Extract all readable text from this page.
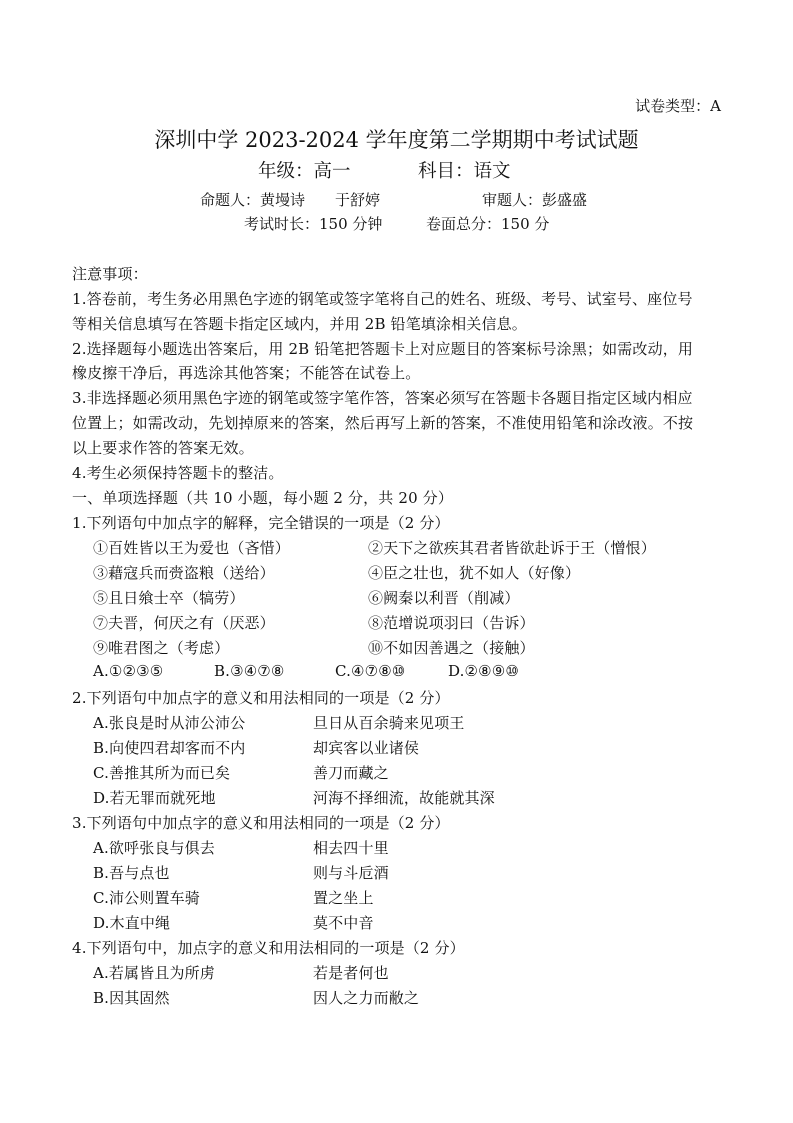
试卷类型：A
深圳中学 2023-2024 学年度第二学期期中考试试题
年级：高一	科目：语文
命题人：黄墁诗　　于舒婷	审题人：彭盛盛
考试时长：150 分钟	卷面总分：150 分
注意事项：
1.答卷前，考生务必用黑色字迹的钢笔或签字笔将自己的姓名、班级、考号、试室号、座位号
等相关信息填写在答题卡指定区域内，并用 2B 铅笔填涂相关信息。
2.选择题每小题选出答案后，用 2B 铅笔把答题卡上对应题目的答案标号涂黑；如需改动，用
橡皮擦干净后，再选涂其他答案；不能答在试卷上。
3.非选择题必须用黑色字迹的钢笔或签字笔作答，答案必须写在答题卡各题目指定区域内相应
位置上；如需改动，先划掉原来的答案，然后再写上新的答案，不准使用铅笔和涂改液。不按
以上要求作答的答案无效。
4.考生必须保持答题卡的整洁。
一、单项选择题（共 10 小题，每小题 2 分，共 20 分）
1.下列语句中加点字的解释，完全错误的一项是（2 分）
①百姓皆以王为爱也（吝惜）	②天下之欲疾其君者皆欲赴诉于王（憎恨）
③藉寇兵而赍盗粮（送给）	④臣之壮也，犹不如人（好像）
⑤且日飨士卒（犒劳）	⑥阙秦以利晋（削减）
⑦夫晋，何厌之有（厌恶）	⑧范增说项羽曰（告诉）
⑨唯君图之（考虑）	⑩不如因善遇之（接触）
A.①②③⑤	B.③④⑦⑧	C.④⑦⑧⑩	D.②⑧⑨⑩
2.下列语句中加点字的意义和用法相同的一项是（2 分）
A.张良是时从沛公沛公	旦日从百余骑来见项王
B.向使四君却客而不内	却宾客以业诸侯
C.善推其所为而已矣	善刀而藏之
D.若无罪而就死地	河海不择细流，故能就其深
3.下列语句中加点字的意义和用法相同的一项是（2 分）
A.欲呼张良与俱去	相去四十里
B.吾与点也	则与斗卮酒
C.沛公则置车骑	置之坐上
D.木直中绳	莫不中音
4.下列语句中，加点字的意义和用法相同的一项是（2 分）
A.若属皆且为所虏	若是者何也
B.因其固然	因人之力而敝之
